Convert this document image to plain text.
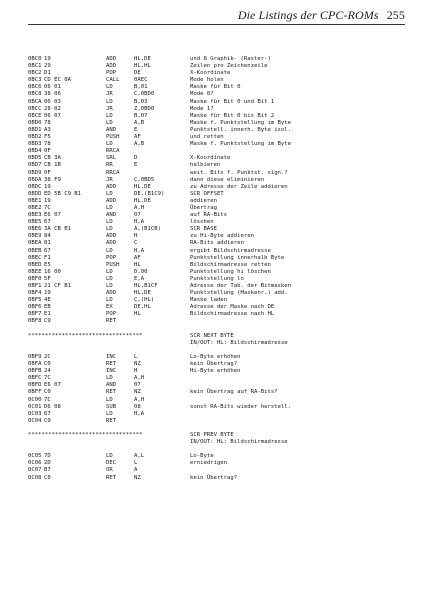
Die Listings der CPC-ROMs 255
0BC0 19	ADD	HL,DE	und 8 Graphik- (Raster-)
0BC1 29	ADD	HL,HL	Zeilen pro Zeichenzeile
0BC2 D1	POP	DE	X-Koordinate
0BC3 CD EC 0A	CALL	0AEC	Mode holen
0BC6 06 01	LD	B,01	Maske für Bit 0
0BC8 38 06	JR	C,0BD0	Mode 0?
0BCA 06 03	LD	B,03	Maske für Bit 0 und Bit 1
0BCC 28 02	JR	Z,0BD0	Mode 1?
0BCE 06 07	LD	B,07	Maske für Bit 0 bis Bit 2
0BD0 78	LD	A,B	Maske f. Punktstellung im Byte
0BD1 A3	AND	E	Punktstell. innerh. Byte isol.
0BD2 F5	PUSH	AF	und retten
0BD3 78	LD	A,B	Maske f. Punktstellung im Byte
0BD4 0F	RRCA
0BD5 CB 3A	SRL	D	X-Koordinate
0BD7 CB 1B	RR	E	halbieren
0BD9 0F	RRCA	weit. Bits f. Punktst. sign.?
0BDA 38 F9	JR	C,0BD5	dann diese eliminieren
0BDC 19	ADD	HL,DE	zu Adresse der Zeile addieren
0BDD ED 5B C9 B1	LD	DE,(B1C9)	SCR OFFSET
0BE1 19	ADD	HL,DE	addieren
0BE2 7C	LD	A,H	Übertrag
0BE3 E6 07	AND	07	auf RA-Bits
0BE5 67	LD	H,A	löschen
0BE6 3A CB B1	LD	A,(B1CB)	SCR BASE
0BE9 84	ADD	H	zu Hi-Byte addieren
0BEA 81	ADD	C	RA-Bits addieren
0BEB 67	LD	H,A	ergibt Bildschirmadresse
0BEC F1	POP	AF	Punktstellung innerhalb Byte
0BED E5	PUSH	HL	Bildschirmadresse retten
0BEE 16 00	LD	D,00	Punktstellung hi löschen
0BF0 5F	LD	E,A	Punktstellung lo
0BF1 21 CF B1	LD	HL,B1CF	Adresse der Tab. der Bitmasken
0BF4 19	ADD	HL,DE	Punktstellung (Maskenr.) add.
0BF5 4E	LD	C,(HL)	Maske laden
0BF6 EB	EX	DE,HL	Adresse der Maske nach DE
0BF7 E1	POP	HL	Bildschirmadresse nach HL
0BF8 C9	RET
**********************************	SCR NEXT BYTE
IN/OUT: HL: Bildschirmadresse
0BF9 2C	INC	L	Lo-Byte erhöhen
0BFA C0	RET	NZ	kein Übertrag?
0BFB 24	INC	H	Hi-Byte erhöhen
0BFC 7C	LD	A,H
0BFD E6 07	AND	07
0BFF C0	RET	NZ	kein Übertrag auf RA-Bits?
0C00 7C	LD	A,H
0C01 D6 08	SUB	08	sonst RA-Bits wieder herstell.
0C03 67	LD	H,A
0C04 C9	RET
**********************************	SCR PREV BYTE
IN/OUT: HL: Bildschirmadresse
0C05 7D	LD	A,L	Lo-Byte
0C06 2D	DEC	L	erniedrigen
0C07 B7	OR	A
0C08 C0	RET	NZ	kein Übertrag?
